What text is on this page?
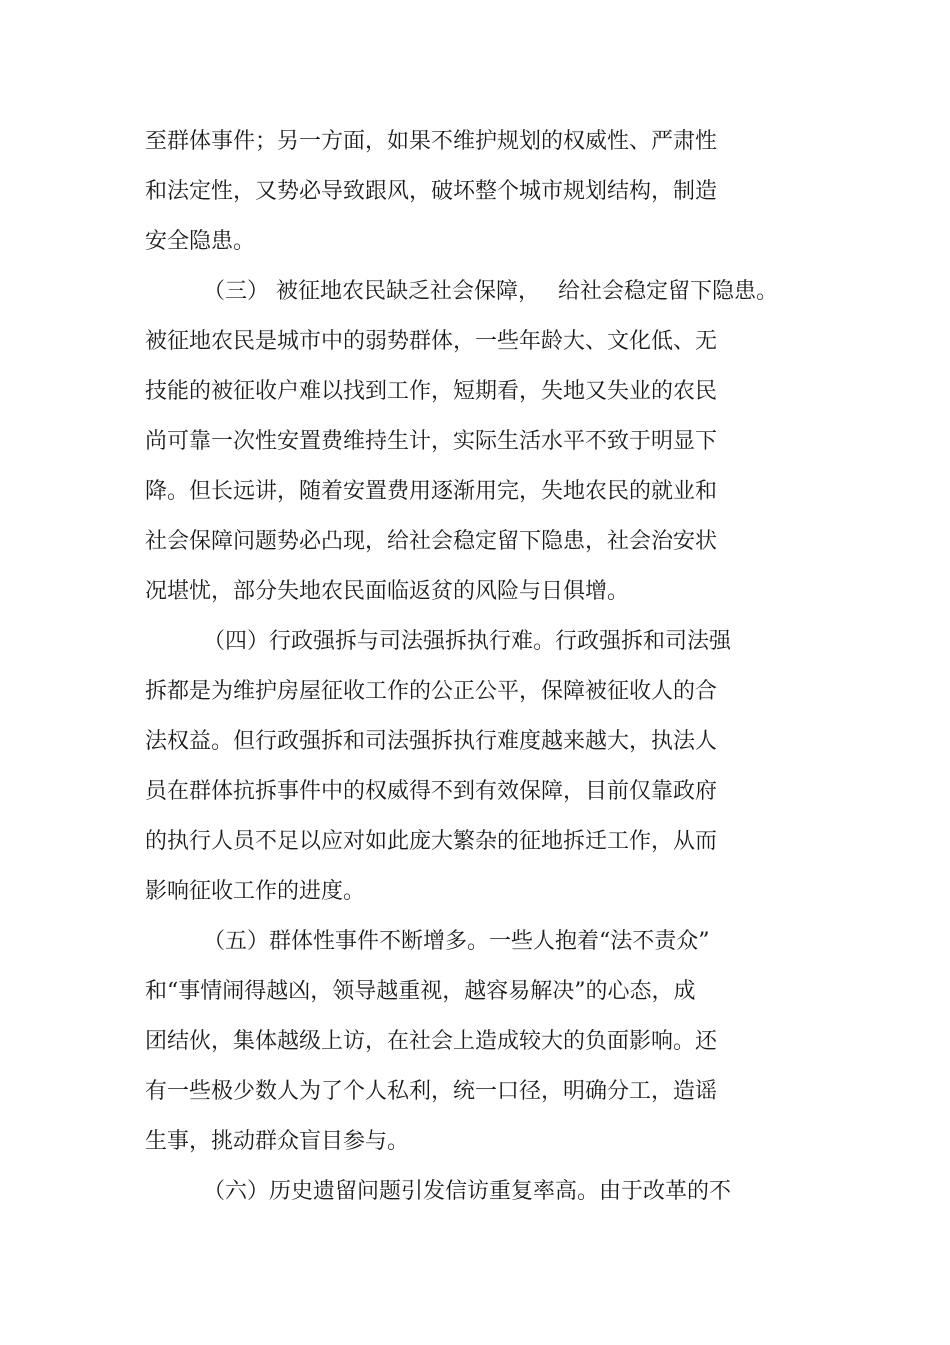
至群体事件；另一方面，如果不维护规划的权威性、严肃性
和法定性，又势必导致跟风，破坏整个城市规划结构，制造
安全隐患。
（三） 被征地农民缺乏社会保障，　 给社会稳定留下隐患。
被征地农民是城市中的弱势群体，一些年龄大、文化低、无
技能的被征收户难以找到工作，短期看，失地又失业的农民
尚可靠一次性安置费维持生计，实际生活水平不致于明显下
降。但长远讲，随着安置费用逐渐用完，失地农民的就业和
社会保障问题势必凸现，给社会稳定留下隐患，社会治安状
况堪忧，部分失地农民面临返贫的风险与日俱增。
（四）行政强拆与司法强拆执行难。行政强拆和司法强
拆都是为维护房屋征收工作的公正公平，保障被征收人的合
法权益。但行政强拆和司法强拆执行难度越来越大，执法人
员在群体抗拆事件中的权威得不到有效保障，目前仅靠政府
的执行人员不足以应对如此庞大繁杂的征地拆迁工作，从而
影响征收工作的进度。
（五）群体性事件不断增多。一些人抱着“法不责众”
和“事情闹得越凶，领导越重视，越容易解决”的心态，成
团结伙，集体越级上访，在社会上造成较大的负面影响。还
有一些极少数人为了个人私利，统一口径，明确分工，造谣
生事，挑动群众盲目参与。
（六）历史遗留问题引发信访重复率高。由于改革的不
